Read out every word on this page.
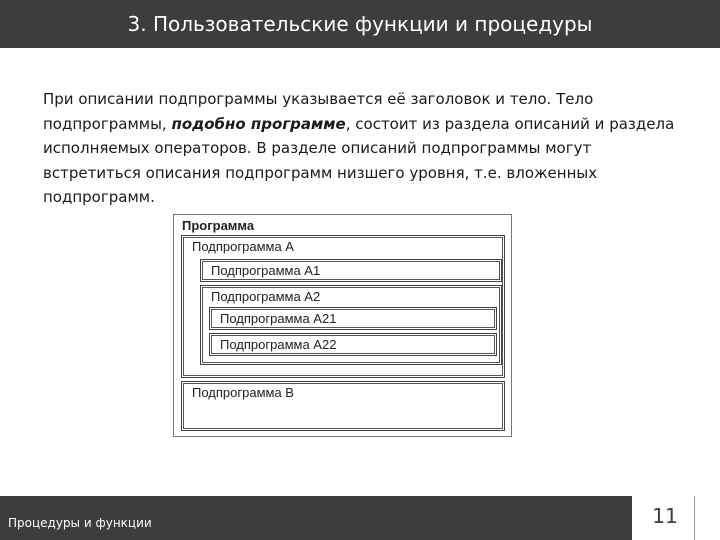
3. Пользовательские функции и процедуры
При описании подпрограммы указывается её заголовок и тело. Тело подпрограммы, подобно программе, состоит из раздела описаний и раздела исполняемых операторов. В разделе описаний подпрограммы могут встретиться описания подпрограмм низшего уровня, т.е. вложенных подпрограмм.
Программа
Подпрограмма А
Подпрограмма А1
Подпрограмма А2
Подпрограмма А21
Подпрограмма А22
Подпрограмма В
Процедуры и функции	11
